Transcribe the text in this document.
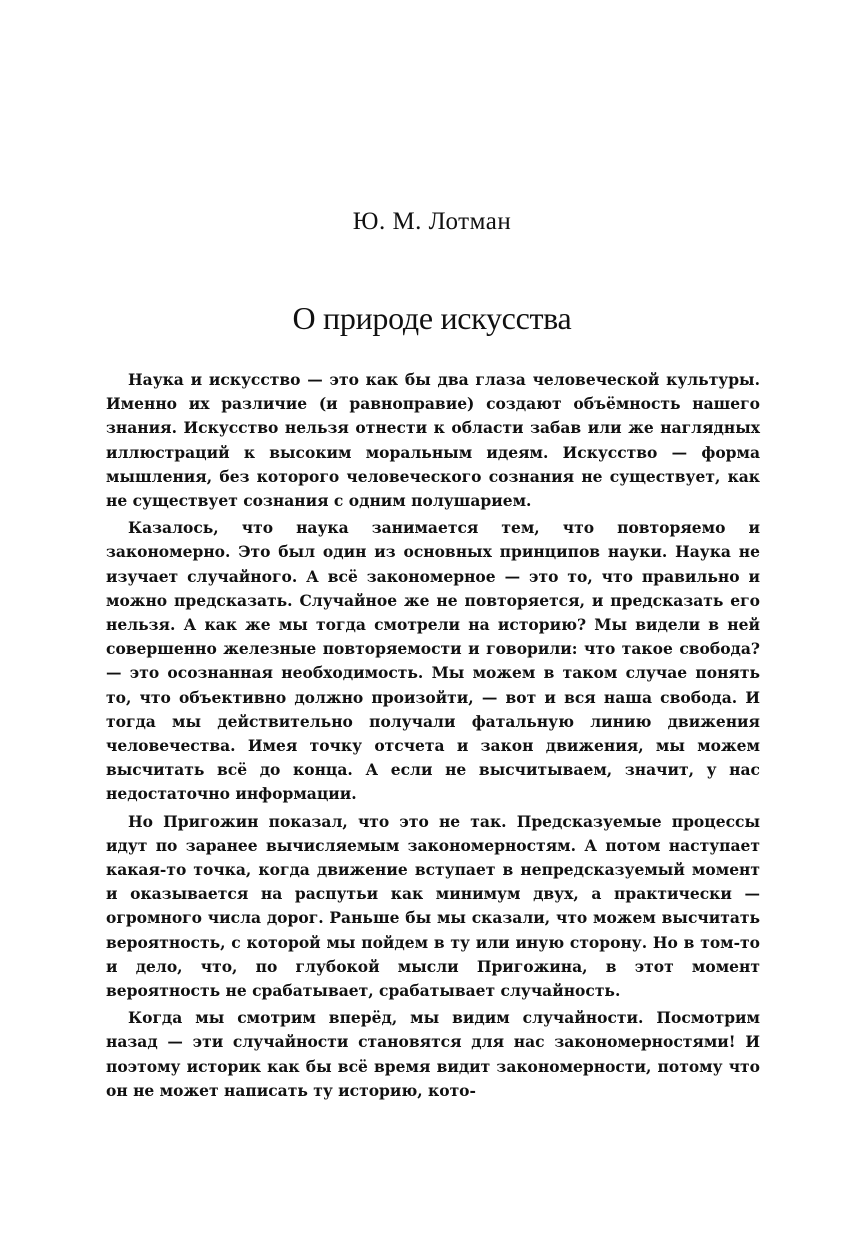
Ю. М. Лотман
О природе искусства

Наука и искусство — это как бы два глаза человеческой культуры. Именно их различие (и равноправие) создают объёмность нашего знания. Искусство нельзя отнести к области забав или же наглядных иллюстраций к высоким моральным идеям. Искусство — форма мышления, без которого человеческого сознания не существует, как не существует сознания с одним полушарием.

Казалось, что наука занимается тем, что повторяемо и закономерно. Это был один из основных принципов науки. Наука не изучает случайного. А всё закономерное — это то, что правильно и можно предсказать. Случайное же не повторяется, и предсказать его нельзя. А как же мы тогда смотрели на историю? Мы видели в ней совершенно железные повторяемости и говорили: что такое свобода? — это осознанная необходимость. Мы можем в таком случае понять то, что объективно должно произойти, — вот и вся наша свобода. И тогда мы действительно получали фатальную линию движения человечества. Имея точку отсчета и закон движения, мы можем высчитать всё до конца. А если не высчитываем, значит, у нас недостаточно информации.

Но Пригожин показал, что это не так. Предсказуемые процессы идут по заранее вычисляемым закономерностям. А потом наступает какая-то точка, когда движение вступает в непредсказуемый момент и оказывается на распутьи как минимум двух, а практически — огромного числа дорог. Раньше бы мы сказали, что можем высчитать вероятность, с которой мы пойдем в ту или иную сторону. Но в том-то и дело, что, по глубокой мысли Пригожина, в этот момент вероятность не срабатывает, срабатывает случайность.

Когда мы смотрим вперёд, мы видим случайности. Посмотрим назад — эти случайности становятся для нас закономерностями! И поэтому историк как бы всё время видит закономерности, потому что он не может написать ту историю, кото-
